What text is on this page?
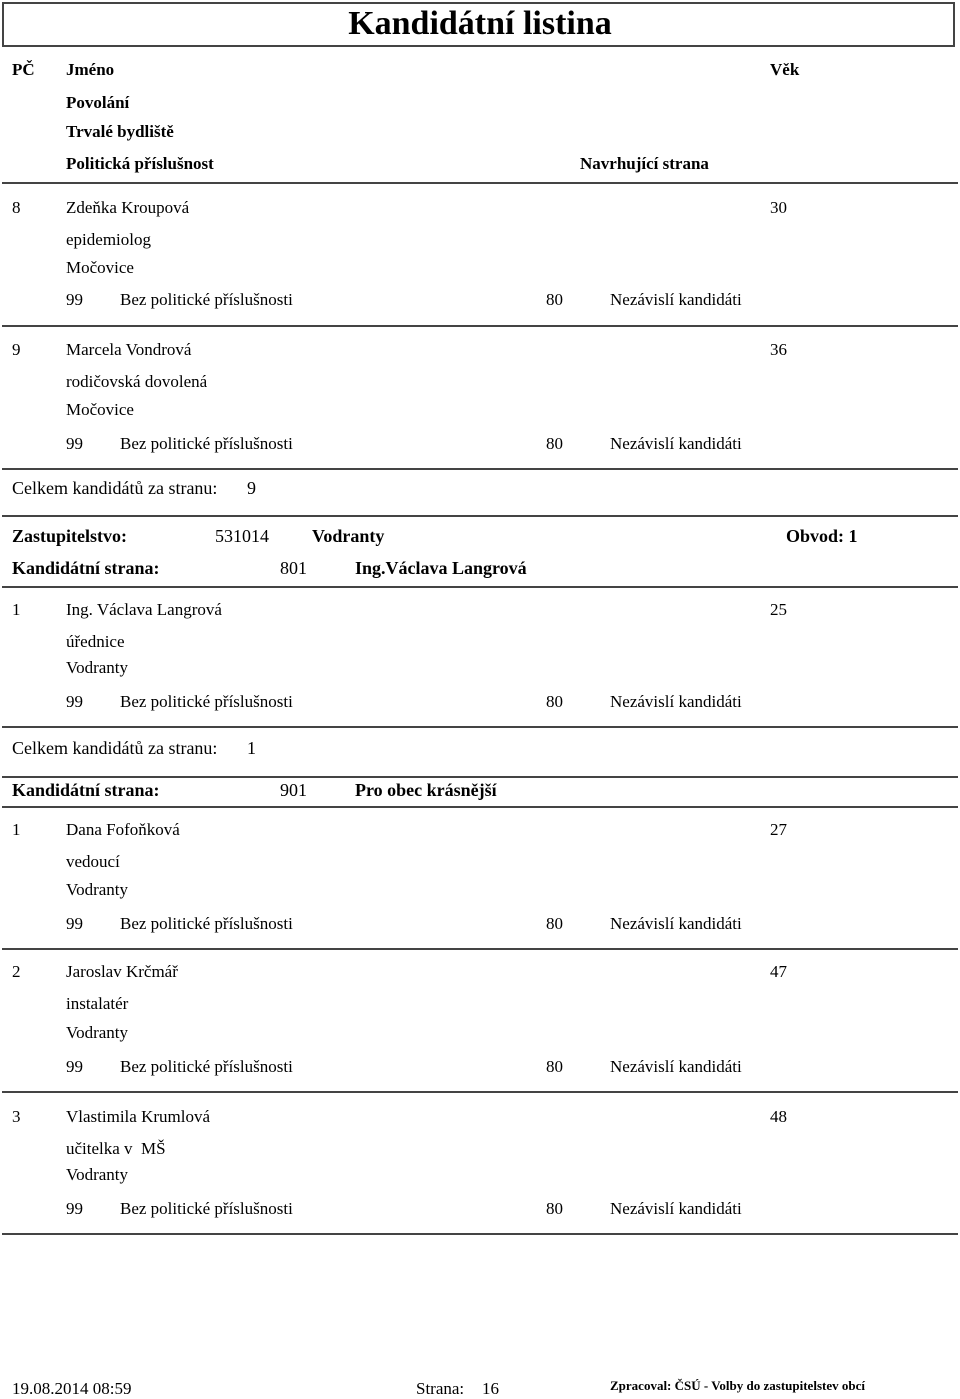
Kandidátní listina
PČ Jméno	Věk
Povolání
Trvalé bydliště
Politická příslušnost	Navrhující strana
8	Zdeňka Kroupová	30
epidemiolog
Močovice
99 Bez politické příslušnosti	80	Nezávislí kandidáti
9	Marcela Vondrová	36
rodičovská dovolená
Močovice
99 Bez politické příslušnosti	80	Nezávislí kandidáti
Celkem kandidátů za stranu: 9
Zastupitelstvo:	531014 Vodranty	Obvod: 1
Kandidátní strana:	801	Ing.Václava Langrová
1	Ing. Václava Langrová	25
úřednice
Vodranty
99 Bez politické příslušnosti	80	Nezávislí kandidáti
Celkem kandidátů za stranu: 1
Kandidátní strana:	901	Pro obec krásnější
1	Dana Fofoňková	27
vedoucí
Vodranty
99 Bez politické příslušnosti	80	Nezávislí kandidáti
2	Jaroslav Krčmář	47
instalatér
Vodranty
99 Bez politické příslušnosti	80	Nezávislí kandidáti
3	Vlastimila Krumlová	48
učitelka v  MŠ
Vodranty
99 Bez politické příslušnosti	80	Nezávislí kandidáti
19.08.2014 08:59	Strana: 16	Zpracoval: ČSÚ - Volby do zastupitelstev obcí
